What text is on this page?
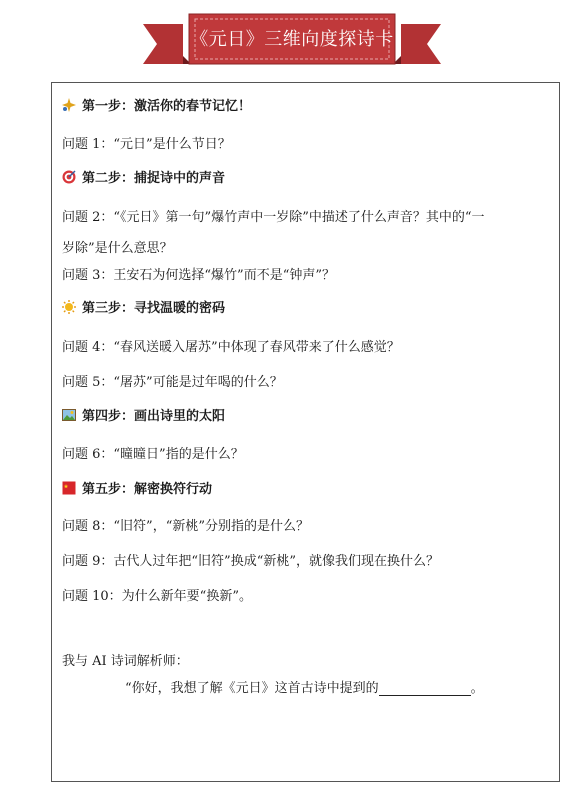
《元日》三维向度探诗卡
第一步：激活你的春节记忆！
问题 1：“元日”是什么节日？
第二步：捕捉诗中的声音
问题 2：“《元日》第一句”爆竹声中一岁除”中描述了什么声音？其中的“一
岁除”是什么意思？
问题 3：王安石为何选择“爆竹”而不是“钟声”？
第三步：寻找温暖的密码
问题 4：“春风送暖入屠苏”中体现了春风带来了什么感觉？
问题 5：“屠苏”可能是过年喝的什么？
第四步：画出诗里的太阳
问题 6：“曈曈日”指的是什么？
第五步：解密换符行动
问题 8：“旧符”，“新桃”分别指的是什么？
问题 9：古代人过年把“旧符”换成“新桃”，就像我们现在换什么？
问题 10：为什么新年要“换新”。
我与 AI 诗词解析师：
“你好，我想了解《元日》这首古诗中提到的	。
